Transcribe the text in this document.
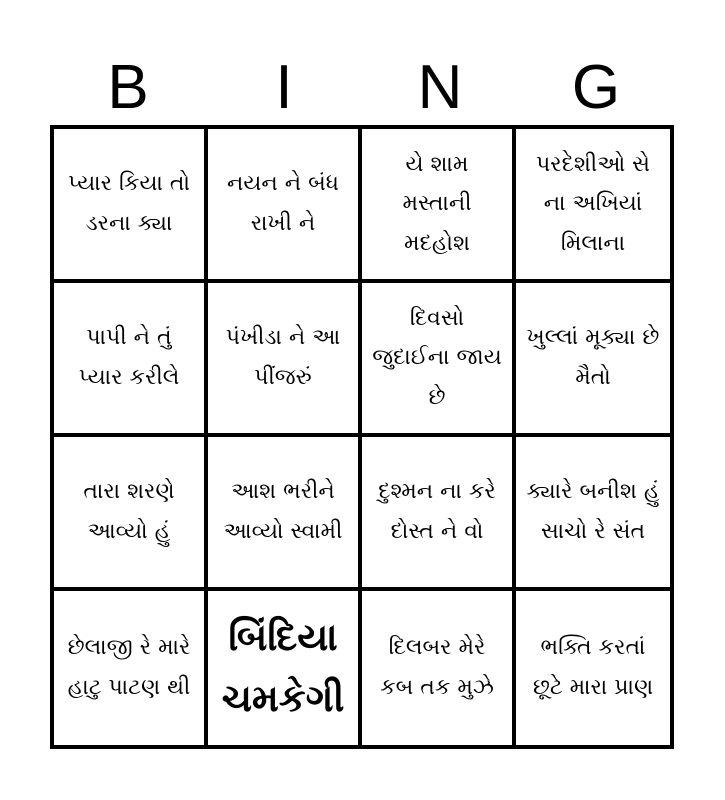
B	I	N	G
પ્યાર કિયા તો ડરના ક્યા
નયન ને બંધ રાખી ને
યે શામ મસ્તાની મદહોશ
પરદેશીઓ સે ના અખિયાં મિલાના
પાપી ને તું પ્યાર કરીલે
પંખીડા ને આ પીંજરું
દિવસો જુદાઈના જાય છે
ખુલ્લાં મૂક્યા છે મૈતો
તારા શરણે આવ્યો હું
આશ ભરીને આવ્યો સ્વામી
દુશ્મન ના કરે દોસ્ત ને વો
ક્યારે બનીશ હું સાચો રે સંત
છેલાજી રે મારે હાટુ પાટણ થી
બિંદિયા ચમકેગી
દિલબર મેરે કબ તક મુઝે
ભક્તિ કરતાં છૂટે મારા પ્રાણ
